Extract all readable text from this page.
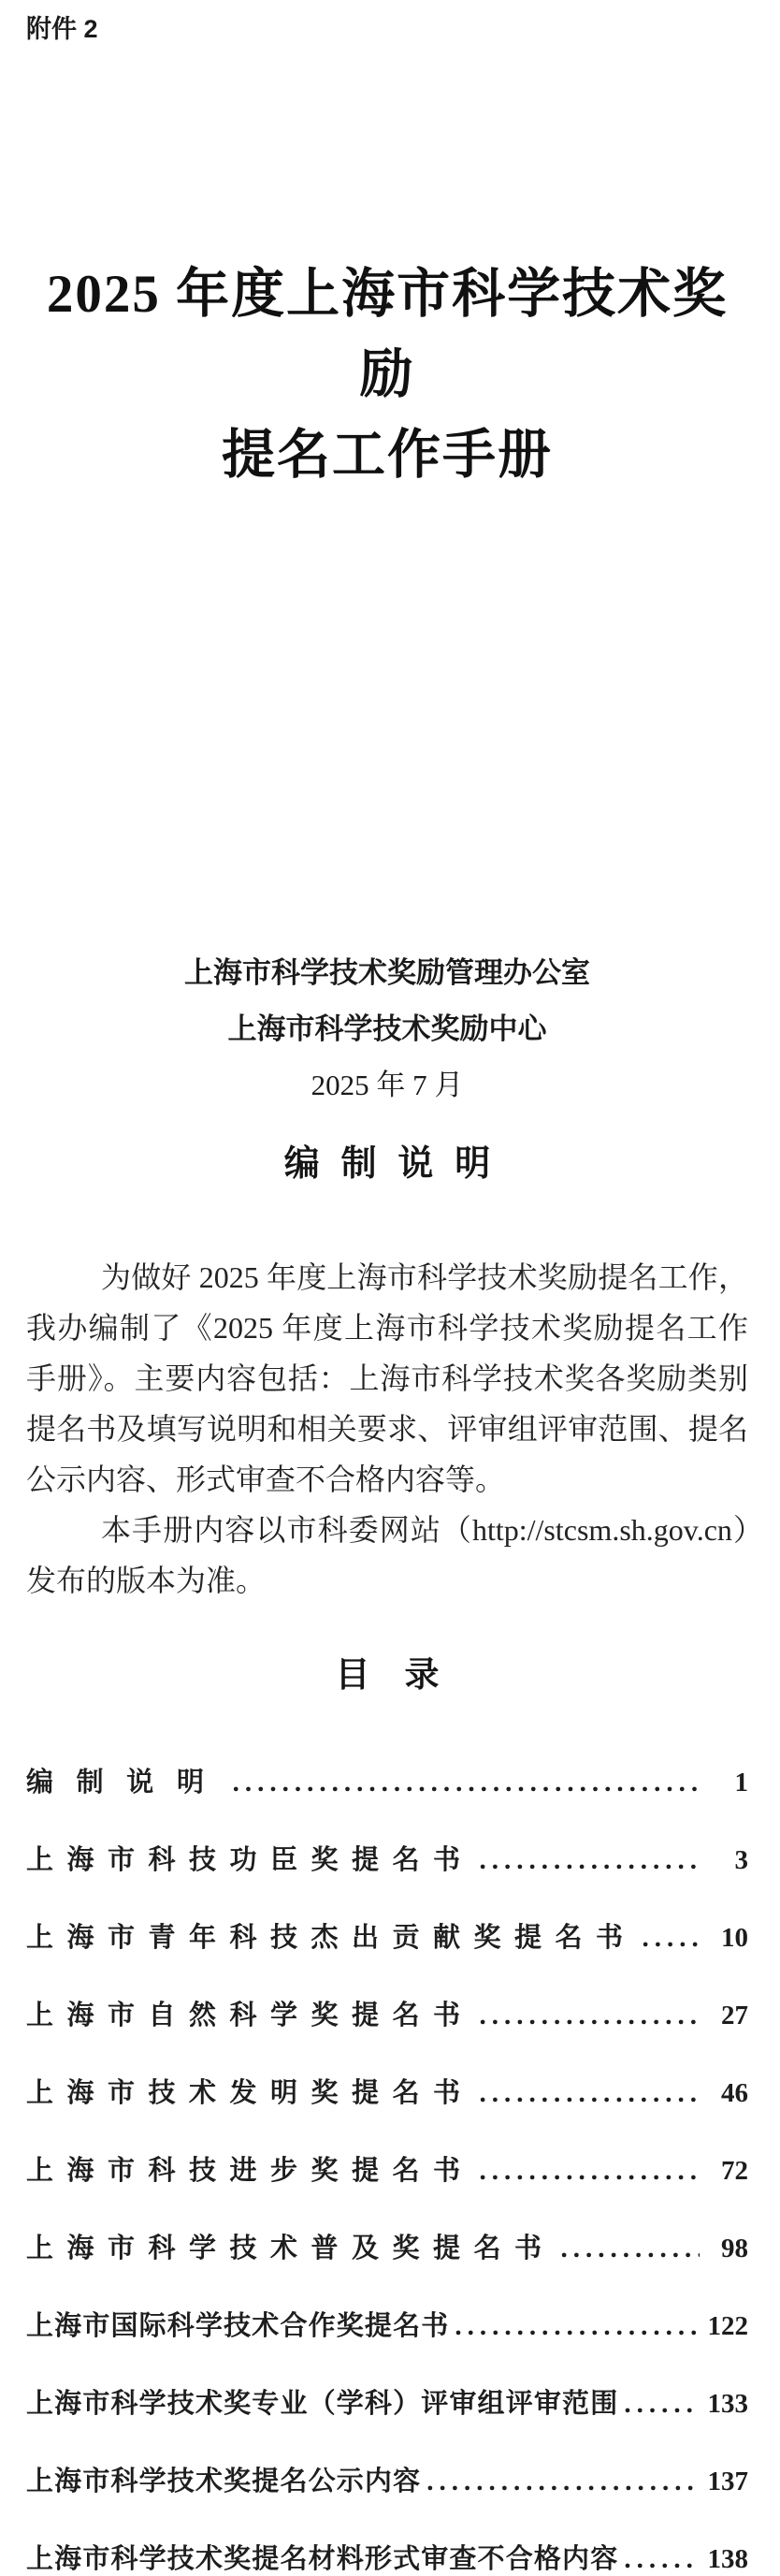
附件 2
2025 年度上海市科学技术奖励
提名工作手册
上海市科学技术奖励管理办公室
上海市科学技术奖励中心
2025 年 7 月
编制说明

为做好 2025 年度上海市科学技术奖励提名工作，我办编制了《2025 年度上海市科学技术奖励提名工作手册》。主要内容包括：上海市科学技术奖各奖励类别提名书及填写说明和相关要求、评审组评审范围、提名公示内容、形式审查不合格内容等。

本手册内容以市科委网站（http://stcsm.sh.gov.cn）发布的版本为准。

目录
编制说明 .....	1
上海市科技功臣奖提名书 .....	3
上海市青年科技杰出贡献奖提名书 .....	10
上海市自然科学奖提名书 .....	27
上海市技术发明奖提名书 .....	46
上海市科技进步奖提名书 .....	72
上海市科学技术普及奖提名书 .....	98
上海市国际科学技术合作奖提名书 .....	122
上海市科学技术奖专业（学科）评审组评审范围 .....	133
上海市科学技术奖提名公示内容 .....	137
上海市科学技术奖提名材料形式审查不合格内容 .....	138
